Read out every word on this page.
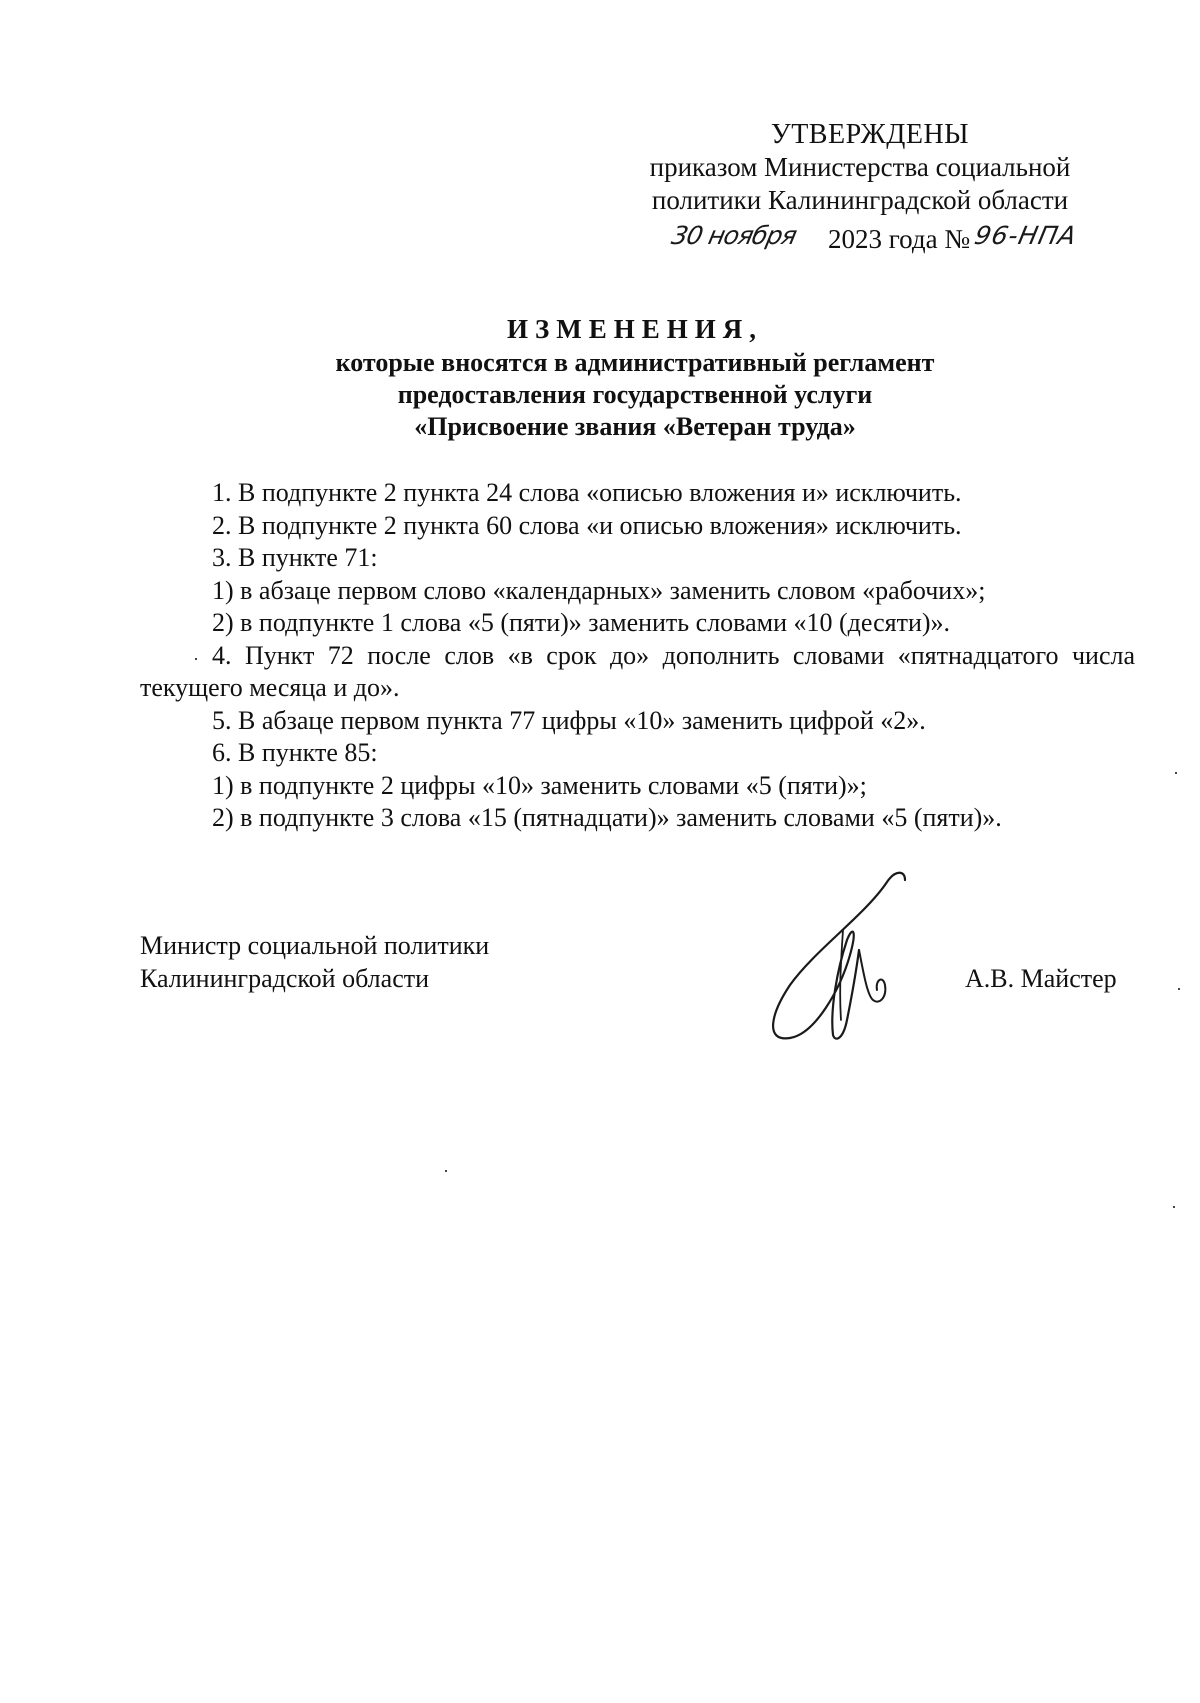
УТВЕРЖДЕНЫ
приказом Министерства социальной
политики Калининградской области
30 ноября 2023 года № 96-НПА
ИЗМЕНЕНИЯ,
которые вносятся в административный регламент
предоставления государственной услуги
«Присвоение звания «Ветеран труда»

1. В подпункте 2 пункта 24 слова «описью вложения и» исключить.

2. В подпункте 2 пункта 60 слова «и описью вложения» исключить.

3. В пункте 71:

1) в абзаце первом слово «календарных» заменить словом «рабочих»;

2) в подпункте 1 слова «5 (пяти)» заменить словами «10 (десяти)».

4. Пункт 72 после слов «в срок до» дополнить словами «пятнадцатого числа текущего месяца и до».

5. В абзаце первом пункта 77 цифры «10» заменить цифрой «2».

6. В пункте 85:

1) в подпункте 2 цифры «10» заменить словами «5 (пяти)»;

2) в подпункте 3 слова «15 (пятнадцати)» заменить словами «5 (пяти)».

Министр социальной политики
Калининградской области	А.В. Майстер
